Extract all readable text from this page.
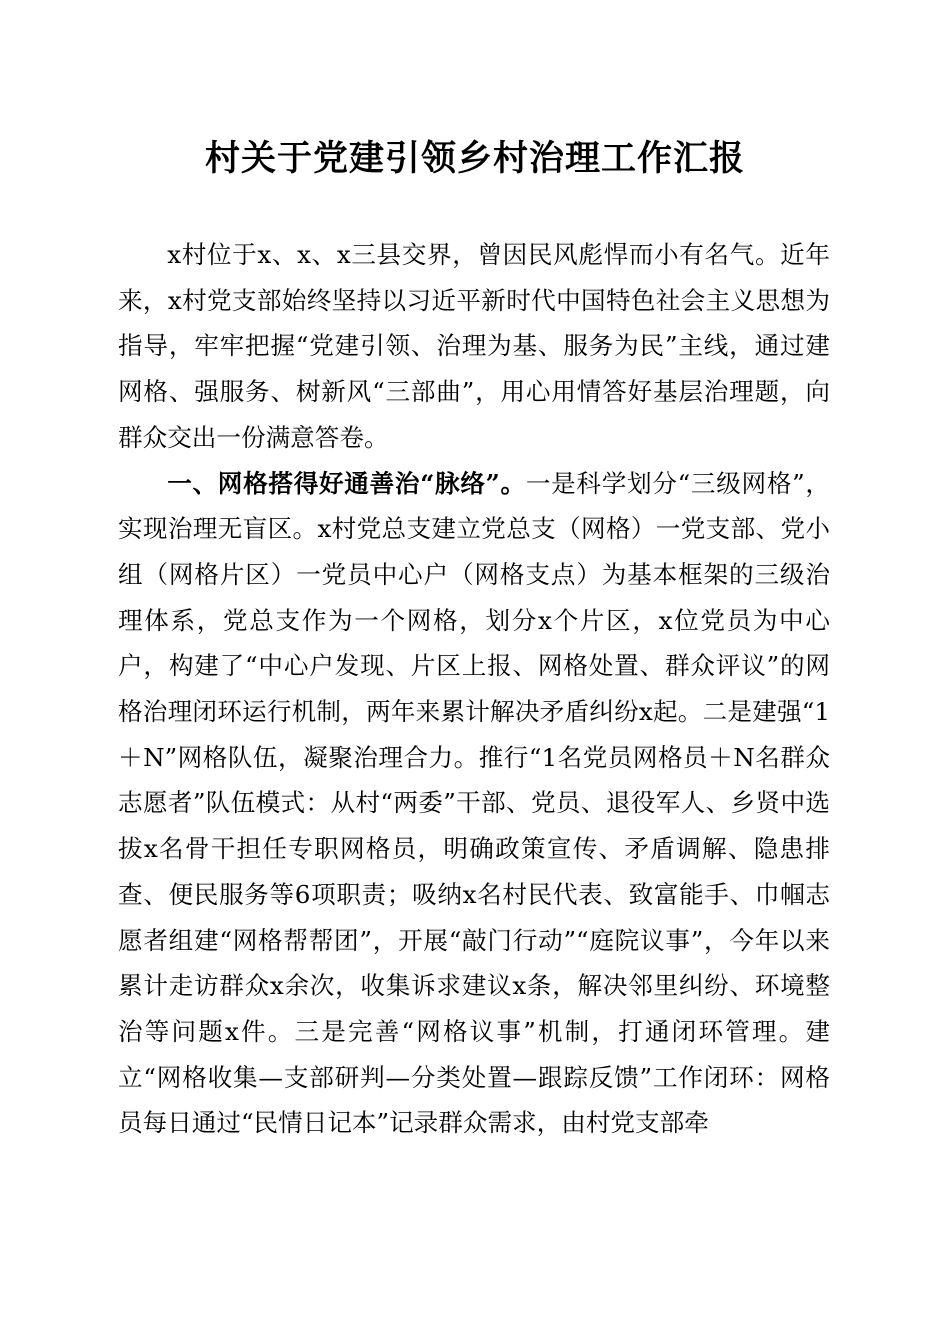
村关于党建引领乡村治理工作汇报

x村位于x、x、x三县交界，曾因民风彪悍而小有名气。近年来，x村党支部始终坚持以习近平新时代中国特色社会主义思想为指导，牢牢把握“党建引领、治理为基、服务为民”主线，通过建网格、强服务、树新风“三部曲”，用心用情答好基层治理题，向群众交出一份满意答卷。

一、网格搭得好通善治“脉络”。一是科学划分“三级网格”，实现治理无盲区。x村党总支建立党总支（网格）一党支部、党小组（网格片区）一党员中心户（网格支点）为基本框架的三级治理体系，党总支作为一个网格，划分x个片区，x位党员为中心户，构建了“中心户发现、片区上报、网格处置、群众评议”的网格治理闭环运行机制，两年来累计解决矛盾纠纷x起。二是建强“1＋N”网格队伍，凝聚治理合力。推行“1名党员网格员＋N名群众志愿者”队伍模式：从村“两委”干部、党员、退役军人、乡贤中选拔x名骨干担任专职网格员，明确政策宣传、矛盾调解、隐患排查、便民服务等6项职责；吸纳x名村民代表、致富能手、巾帼志愿者组建“网格帮帮团”，开展“敲门行动”“庭院议事”，今年以来累计走访群众x余次，收集诉求建议x条，解决邻里纠纷、环境整治等问题x件。三是完善“网格议事”机制，打通闭环管理。建立“网格收集—支部研判—分类处置—跟踪反馈”工作闭环：网格员每日通过“民情日记本”记录群众需求，由村党支部牵
